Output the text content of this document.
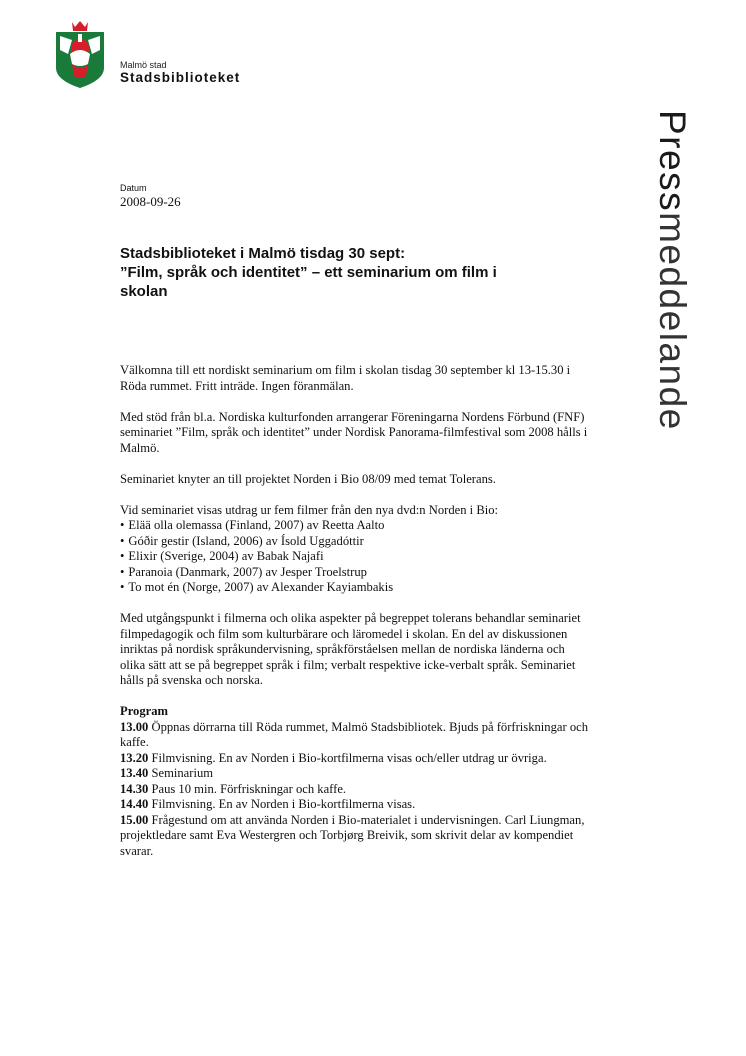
Malmö stad
Stadsbiblioteket
Pressmeddelande
Datum
2008-09-26
Stadsbiblioteket i Malmö tisdag 30 sept:
”Film, språk och identitet” – ett seminarium om film i
skolan

Välkomna till ett nordiskt seminarium om film i skolan tisdag 30 september kl 13-15.30 i Röda rummet. Fritt inträde. Ingen föranmälan.

Med stöd från bl.a. Nordiska kulturfonden arrangerar Föreningarna Nordens Förbund (FNF) seminariet ”Film, språk och identitet” under Nordisk Panorama-filmfestival som 2008 hålls i Malmö.

Seminariet knyter an till projektet Norden i Bio 08/09 med temat Tolerans.

Vid seminariet visas utdrag ur fem filmer från den nya dvd:n Norden i Bio:

• Elää olla olemassa (Finland, 2007) av Reetta Aalto
• Góðir gestir (Island, 2006) av Ísold Uggadóttir
• Elixir (Sverige, 2004) av Babak Najafi
• Paranoia (Danmark, 2007) av Jesper Troelstrup
• To mot én (Norge, 2007) av Alexander Kayiambakis

Med utgångspunkt i filmerna och olika aspekter på begreppet tolerans behandlar seminariet filmpedagogik och film som kulturbärare och läromedel i skolan. En del av diskussionen inriktas på nordisk språkundervisning, språkförståelsen mellan de nordiska länderna och olika sätt att se på begreppet språk i film; verbalt respektive icke-verbalt språk. Seminariet hålls på svenska och norska.

Program

13.00 Öppnas dörrarna till Röda rummet, Malmö Stadsbibliotek. Bjuds på förfriskningar och kaffe.

13.20 Filmvisning. En av Norden i Bio-kortfilmerna visas och/eller utdrag ur övriga.

13.40 Seminarium

14.30 Paus 10 min. Förfriskningar och kaffe.

14.40 Filmvisning. En av Norden i Bio-kortfilmerna visas.

15.00 Frågestund om att använda Norden i Bio-materialet i undervisningen. Carl Liungman, projektledare samt Eva Westergren och Torbjørg Breivik, som skrivit delar av kompendiet svarar.
